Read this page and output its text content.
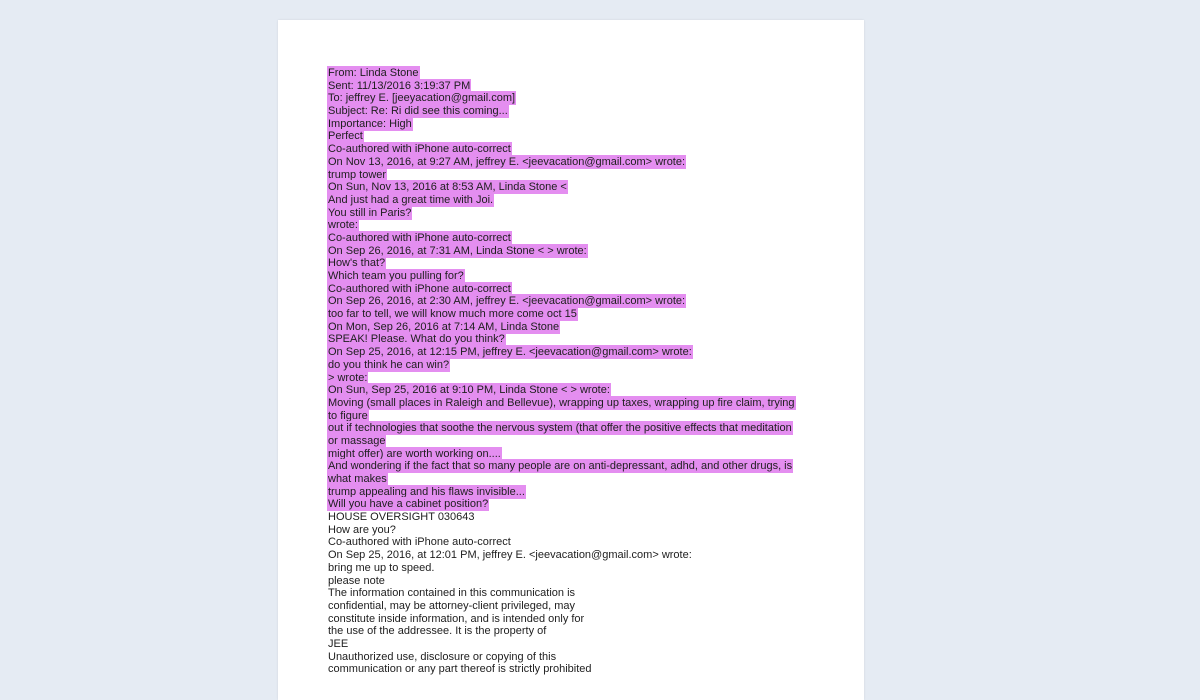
From: Linda Stone
Sent: 11/13/2016 3:19:37 PM
To: jeffrey E. [jeeyacation@gmail.com]
Subject: Re: Ri did see this coming...
Importance: High
Perfect
Co-authored with iPhone auto-correct
On Nov 13, 2016, at 9:27 AM, jeffrey E. <jeevacation@gmail.com> wrote:
trump tower
On Sun, Nov 13, 2016 at 8:53 AM, Linda Stone <
And just had a great time with Joi.
You still in Paris?
wrote:
Co-authored with iPhone auto-correct
On Sep 26, 2016, at 7:31 AM, Linda Stone < > wrote:
How's that?
Which team you pulling for?
Co-authored with iPhone auto-correct
On Sep 26, 2016, at 2:30 AM, jeffrey E. <jeevacation@gmail.com> wrote:
too far to tell, we will know much more come oct 15
On Mon, Sep 26, 2016 at 7:14 AM, Linda Stone
SPEAK! Please. What do you think?
On Sep 25, 2016, at 12:15 PM, jeffrey E. <jeevacation@gmail.com> wrote:
do you think he can win?
> wrote:
On Sun, Sep 25, 2016 at 9:10 PM, Linda Stone < > wrote:
Moving (small places in Raleigh and Bellevue), wrapping up taxes, wrapping up fire claim, trying
to figure
out if technologies that soothe the nervous system (that offer the positive effects that meditation
or massage
might offer) are worth working on....
And wondering if the fact that so many people are on anti-depressant, adhd, and other drugs, is
what makes
trump appealing and his flaws invisible...
Will you have a cabinet position?
HOUSE OVERSIGHT 030643
How are you?
Co-authored with iPhone auto-correct
On Sep 25, 2016, at 12:01 PM, jeffrey E. <jeevacation@gmail.com> wrote:
bring me up to speed.
please note
The information contained in this communication is
confidential, may be attorney-client privileged, may
constitute inside information, and is intended only for
the use of the addressee. It is the property of
JEE
Unauthorized use, disclosure or copying of this
communication or any part thereof is strictly prohibited
